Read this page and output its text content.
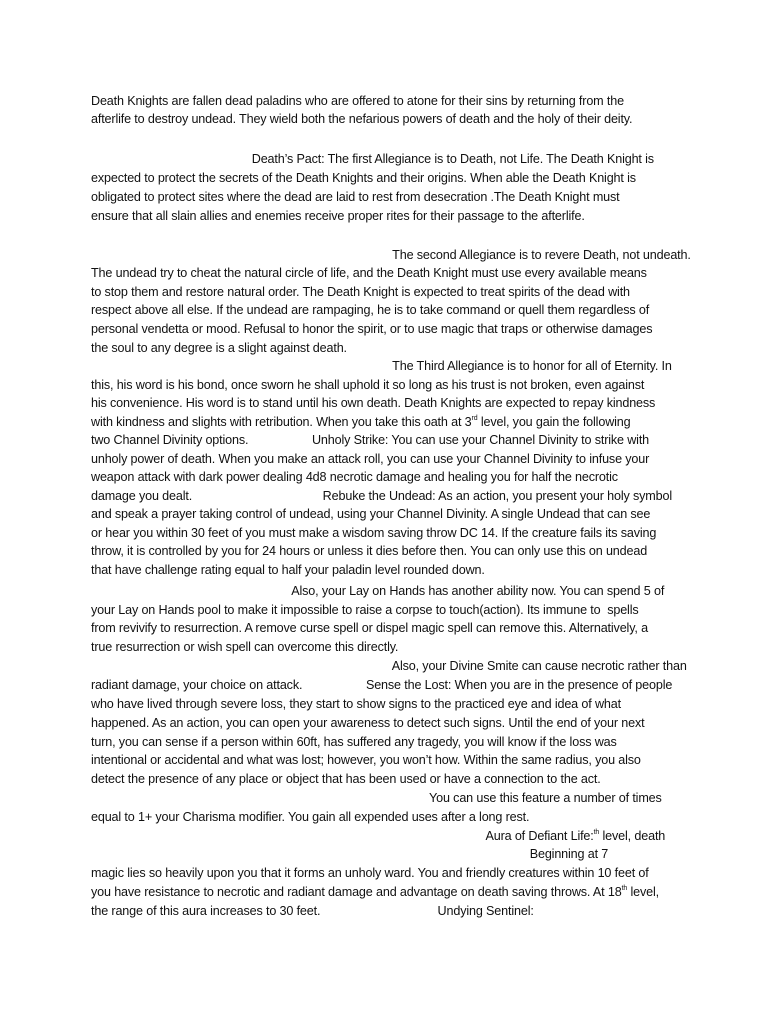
Death Knights are fallen dead paladins who are offered to atone for their sins by returning from the
afterlife to destroy undead. They wield both the nefarious powers of death and the holy of their deity.
Death’s Pact: The first Allegiance is to Death, not Life. The Death Knight is
expected to protect the secrets of the Death Knights and their origins. When able the Death Knight is
obligated to protect sites where the dead are laid to rest from desecration .The Death Knight must
ensure that all slain allies and enemies receive proper rites for their passage to the afterlife.
The second Allegiance is to revere Death, not undeath.
The undead try to cheat the natural circle of life, and the Death Knight must use every available means
to stop them and restore natural order. The Death Knight is expected to treat spirits of the dead with
respect above all else. If the undead are rampaging, he is to take command or quell them regardless of
personal vendetta or mood. Refusal to honor the spirit, or to use magic that traps or otherwise damages
the soul to any degree is a slight against death.
The Third Allegiance is to honor for all of Eternity. In
this, his word is his bond, once sworn he shall uphold it so long as his trust is not broken, even against
his convenience. His word is to stand until his own death. Death Knights are expected to repay kindness
with kindness and slights with retribution. When you take this oath at 3rd level, you gain the following
two Channel Divinity options.                   Unholy Strike: You can use your Channel Divinity to strike with
unholy power of death. When you make an attack roll, you can use your Channel Divinity to infuse your
weapon attack with dark power dealing 4d8 necrotic damage and healing you for half the necrotic
damage you dealt.                                       Rebuke the Undead: As an action, you present your holy symbol
and speak a prayer taking control of undead, using your Channel Divinity. A single Undead that can see
or hear you within 30 feet of you must make a wisdom saving throw DC 14. If the creature fails its saving
throw, it is controlled by you for 24 hours or unless it dies before then. You can only use this on undead
that have challenge rating equal to half your paladin level rounded down.
Also, your Lay on Hands has another ability now. You can spend 5 of
your Lay on Hands pool to make it impossible to raise a corpse to touch(action). Its immune to  spells
from revivify to resurrection. A remove curse spell or dispel magic spell can remove this. Alternatively, a
true resurrection or wish spell can overcome this directly.
Also, your Divine Smite can cause necrotic rather than
radiant damage, your choice on attack.                   Sense the Lost: When you are in the presence of people
who have lived through severe loss, they start to show signs to the practiced eye and idea of what
happened. As an action, you can open your awareness to detect such signs. Until the end of your next
turn, you can sense if a person within 60ft, has suffered any tragedy, you will know if the loss was
intentional or accidental and what was lost; however, you won’t how. Within the same radius, you also
detect the presence of any place or object that has been used or have a connection to the act.
You can use this feature a number of times
equal to 1+ your Charisma modifier. You gain all expended uses after a long rest.
Aura of Defiant Life:$^{th}$ level, death
Beginning at 7
magic lies so heavily upon you that it forms an unholy ward. You and friendly creatures within 10 feet of
you have resistance to necrotic and radiant damage and advantage on death saving throws. At 18th level,
the range of this aura increases to 30 feet.                                   Undying Sentinel:
